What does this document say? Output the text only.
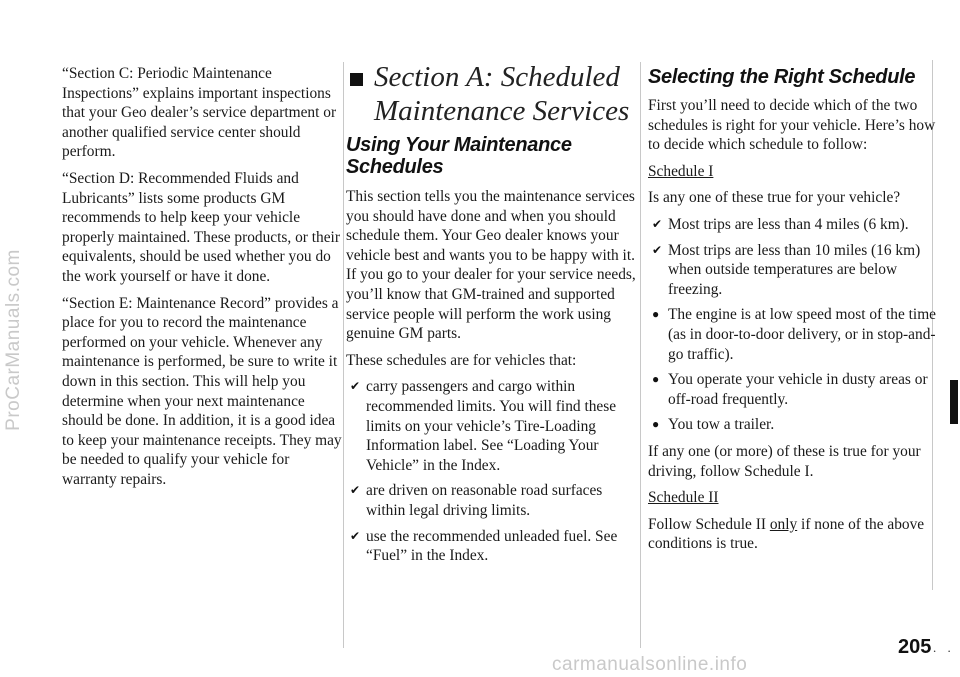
ProCarManuals.com

“Section C: Periodic Maintenance Inspections” explains important inspections that your Geo dealer’s service department or another qualified service center should perform.

“Section D: Recommended Fluids and Lubricants” lists some products GM recommends to help keep your vehicle properly maintained. These products, or their equivalents, should be used whether you do the work yourself or have it done.

“Section E: Maintenance Record” provides a place for you to record the maintenance performed on your vehicle. Whenever any maintenance is performed, be sure to write it down in this section. This will help you determine when your next maintenance should be done. In addition, it is a good idea to keep your maintenance receipts. They may be needed to qualify your vehicle for warranty repairs.

Section A: Scheduled Maintenance Services
Using Your Maintenance Schedules

This section tells you the maintenance services you should have done and when you should schedule them. Your Geo dealer knows your vehicle best and wants you to be happy with it. If you go to your dealer for your service needs, you’ll know that GM-trained and supported service people will perform the work using genuine GM parts.

These schedules are for vehicles that:

✔ carry passengers and cargo within recommended limits. You will find these limits on your vehicle’s Tire-Loading Information label. See “Loading Your Vehicle” in the Index.
✔ are driven on reasonable road surfaces within legal driving limits.
✔ use the recommended unleaded fuel. See “Fuel” in the Index.
Selecting the Right Schedule

First you’ll need to decide which of the two schedules is right for your vehicle. Here’s how to decide which schedule to follow:

Schedule I

Is any one of these true for your vehicle?

✔ Most trips are less than 4 miles (6 km).
✔ Most trips are less than 10 miles (16 km) when outside temperatures are below freezing.
● The engine is at low speed most of the time (as in door-to-door delivery, or in stop-and-go traffic).
● You operate your vehicle in dusty areas or off-road frequently.
● You tow a trailer.

If any one (or more) of these is true for your driving, follow Schedule I.

Schedule II

Follow Schedule II only if none of the above conditions is true.

205 . .
carmanualsonline.info
